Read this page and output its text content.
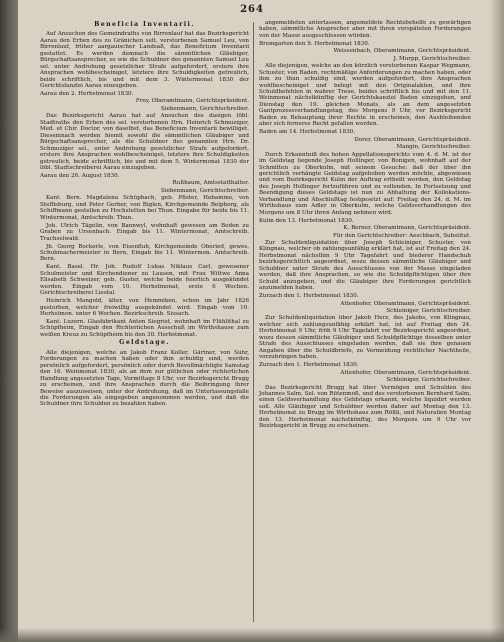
264

Beneficia Inventarii.

Auf Ansuchen des Gemeindraths von Birrenlauf hat das Bezirksgericht Aarau den Erben des zu Gränichen selt. verstorbenen Samuel Leu, von Birrenlauf, früher aargauischer Landsaß, das Beneficium Inventarii gestattet. Es werden demnach die sämmtlichen Gläubiger, Bürgschaftsansprecher, so wie die Schuldner des genannten Samuel Leu sel. unter Androhung gesetzlicher Strafe aufgefordert, erstere ihre Ansprachen wohlbescheiniget, letztere ihre Schuldigkeiten getreulich, beide schriftlich, bis und mit dem 3. Wintermonat 1830 der Gerichtsfanzlei Aarau einzugeben.

Aarau den 2. Herbstmonat 1830.

Frey, Oberamtmann, Gerichtspräsident.

Siebenmann, Gerichtschreiber.

Das Bezirksgericht Aarau hat auf Ansuchen des dasigen löbl. Stadtraths den Erben des sel. verstorbenen Hrn. Heinrich Schmuziger, Med. et Chir. Doctor, von daselbst, das Beneficium Inventarii bewilliget. Diesemnach werden hiemit sowohl die sämmtlichen Gläubiger und Bürgschaftsansprecher, als die Schuldner des genannten Hrn. Dr. Schmuziger sel., unter Androhung gesetzlicher Strafe aufgefordert, erstere ihre Ansprachen wohlbescheiniget, letztere ihre Schuldigkeiten getreulich, beide schriftlich, bis und mit dem 5. Wintermonat 1830 der löbl. Stadtschreiberei Aarau einzugeben.

Aarau den 26. August 1830.

Rußbaum, Amtsstatthalter.

Siebenmann, Gerichtschreiber.

Kant. Bern. Magdalena Schüpbach, geb. Pfister, Hebamme, von Steffisburg, und Peter Gerber, von Biglen, Kirchgemeinde Belpberg, als Schiffmann gestellen zu Hochstetten bei Thun. Eingabe für beide bis 11. Wintermonat, Amtschreib. Thun.

Joh. Ulrich Tägelin, von Bannwyl, wohnhaft gewesen am Boden zu Graben zu Ursenbach. Eingab bis 11. Wintermonat, Amtschreib. Trachselwald.

Jb. Georg Bockerle, von Eisenfluh, Kirchgemeinde Oberied, gewes. Schuhmachermeister in Bern, Eingab bis 11. Wintermon. Amtschreib. Bern.

Kant. Basel. Hr. Joh. Rudolf Lukas Niklaus Carl, gewesener Schulmeister und Kirchendiener zu Lausen, mit Frau Wittwe Anna Elisabeth Schweizer, geb. Guster, welche beide feierlich ausgekündet werden. Eingab vom 10. Herbstmonat, erste 6 Wochen. Gerichtschreiberei Liestal.

Heinrich Mangold, älter, von Hemmiken, schon im Jahr 1826 gestorben, welcher freiwillig ausgekündet wird. Eingab vom 10. Herbstmon. unter 6 Wochen. Bezirkschreib. Sissach.

Kant. Luzern. Glasfabrikant Anton Siegrist, wohnhaft im Flühlithal zu Schüpfheim, Eingab den Richteriichen Ausschuß im Wirthshause zum weißen Kreuz zu Schüpfheim bis den 30. Herbstmonat.

Geldstage.

Alle diejenigen, welche an Jakob Franz Koller, Gärtner, von Suhr, Forderungen zu machen haben oder ihm schuldig sind, werden persönlich aufgefordert, persönlich oder durch Bevollmächtigte Samstag den 16. Weinmonat 1830, als an dem zur gütlichen oder richterlichen Handlung angesetzten Tage, Vormittags 8 Uhr, vor Bezirksgericht Brugg zu erscheinen, und ihre Ansprachen durch die Beibringung ihrer Beweise auszuweisen, unter der Androhung, daß im Unterlassungsfalle die Forderungen als eingegeben angenommen werden, und daß die Schuldner ihre Schulden zu bezahlen haben.

angemeldeten unterlassen, angemeldete Rechtsbehelfe zu gewärtigen haben, sämmtliche Ansprecher aber mit ihren verspäteten Forderungen von der Masse ausgeschlossen würden.

Bremgarten den 9. Herbstmonat 1830.

Weissenbach, Oberamtmann, Gerichtspräsident.

J. Murpp, Gerichtschreiber.

Alle diejenigen, welche an den kürzlich verstorbenen Kaspar Wegmann, Schuster, von Baden, rechtmäßige Anforderungen zu machen haben, oder ihm zu thun schuldig sind, werden aufgefordert, ihre Ansprachen wohlbescheiniget und belegt mit den Originalakten, und ihre Schuldbefehlen in wahrer Treue, beides schriftlich bis und mit den 11. Weinmonat nächstkünftig der Gerichtskanzlei Baden einzugeben, und Dienstag den 19. gleichen Monats, als an dem angesetzten Gantprozessverhandlungstag, des Morgens 9 Uhr, vor Bezirksgericht Baden zu Behauptung ihrer Rechte in erscheinen, den Ausbleibenden aber sich ferneres Recht gefallen werden.

Baden am 14. Herbstmonat 1830.

Dorer, Oberamtmann, Gerichtspräsident.

Mangin, Gerichtschreiber.

Durch Erkanntniß des hohen Appellationsgerichts vom 4. d. M. ist der im Geldstag liegende Joseph Hollinger, von Bonigen, wohnhaft auf der Schmitten zu Oberkulm, mit seinem Gesuche: daß der über ihn gerichtlich verhängte Geldstag aufgehoben werden möchte, abgewiesen und vom Bezirksgericht Kulm der Auftrag ertheilt worden, den Geldstag des Joseph Hollinger fortzuführen und zu vollenden. In Fortsetzung und Beendigung dieses Geldstags ist nun zu Abhaltung der Kollokations-Verhandlung und Abschlußtag festgesetzt auf: Freitag den 24. d. M. im Wirthshaus zum Adler in Oberkulm, welche Geldsverhandlungen des Morgens um 8 Uhr ihren Anfang nehmen wird.

Kulm den 13. Herbstmonat 1830.

K. Berner, Oberamtmann, Gerichtspräsident.

Für den Gerichtschreiber: Aeschbach, Substitut.

Zur Schuldenliquidation über Joseph Schleiniger, Schuster, von Klingnau, welcher ob zahlungsunfähig erklärt hat, ist auf Freitag den 24. Herbstmonat nächsthin 9 Uhr Tagefahrt und biederer Handschuh bezirksgerichtlich angeordnet, wozu dessen sämmtliche Gläubiger und Schuldner unter Strafe des Ausschlusses von der Masse eingeladen werden, daß ihre Ansprachen, so wie die Schuldpflichtigen über ihre Schuld anzugeben, und die Gläubiger ihre Forderungen gerichtlich anzumelden haben.

Zurzach den 1. Herbstmonat 1830.

Attenhofer, Oberamtmann, Gerichtspräsident.

Schleiniger, Gerichtschreiber.

Zur Schuldenliquidation über Jakob Herz, des Jakobs, von Klingnau, welcher sich zahlungsunfähig erklärt hat, ist auf Freitag den 24. Herbstmonat 9 Uhr, fröh 9 Uhr Tagefahrt vor Bezirksgericht angeordnet, wozu dessen sämmtliche Gläubiger und Schuldpflichtige desselben unter Strafe des Ausschlusses eingeladen werden, daß sie ihre genauen Angaben über die Schuldbriefe, zu Vermeidung rechtlicher Nachtheile, vorzubringen haben.

Zurzach den 1. Herbstmonat 1830.

Attenhofer, Oberamtmann, Gerichtspräsident.

Schleiniger, Gerichtschreiber.

Das Bezirksgericht Brugg hat über Vermögen und Schulden des Johannes Salm, Sel. von Rütenmoß, und des verstorbenen Bernhard Salm, einen Geldsverhandlung des Geldstags erkannt, welche liquidirt werden soll. Alle Gläubiger und Schuldner werden daher auf Montag den 13. Herbstmonat zu Brugg im Wirthshaus zum Rößli, und Naturalien Montag den 13. Herbstmonat nächstkünftig, des Morgens um 9 Uhr vor Bezirksgericht in Brugg zu erscheinen.
